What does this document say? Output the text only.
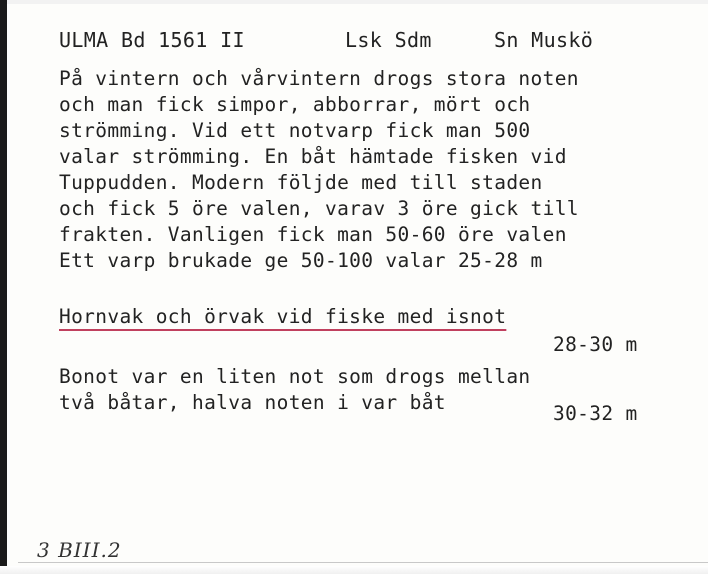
ULMA Bd 1561 II	Lsk Sdm	Sn Muskö
På vintern och vårvintern drogs stora noten
och man fick simpor, abborrar, mört och
strömming. Vid ett notvarp fick man 500
valar strömming. En båt hämtade fisken vid
Tuppudden. Modern följde med till staden
och fick 5 öre valen, varav 3 öre gick till
frakten. Vanligen fick man 50-60 öre valen
Ett varp brukade ge 50-100 valar 25-28 m
Hornvak och örvak vid fiske med isnot
28-30 m
Bonot var en liten not som drogs mellan
två båtar, halva noten i var båt	30-32 m
3 BIII.2
